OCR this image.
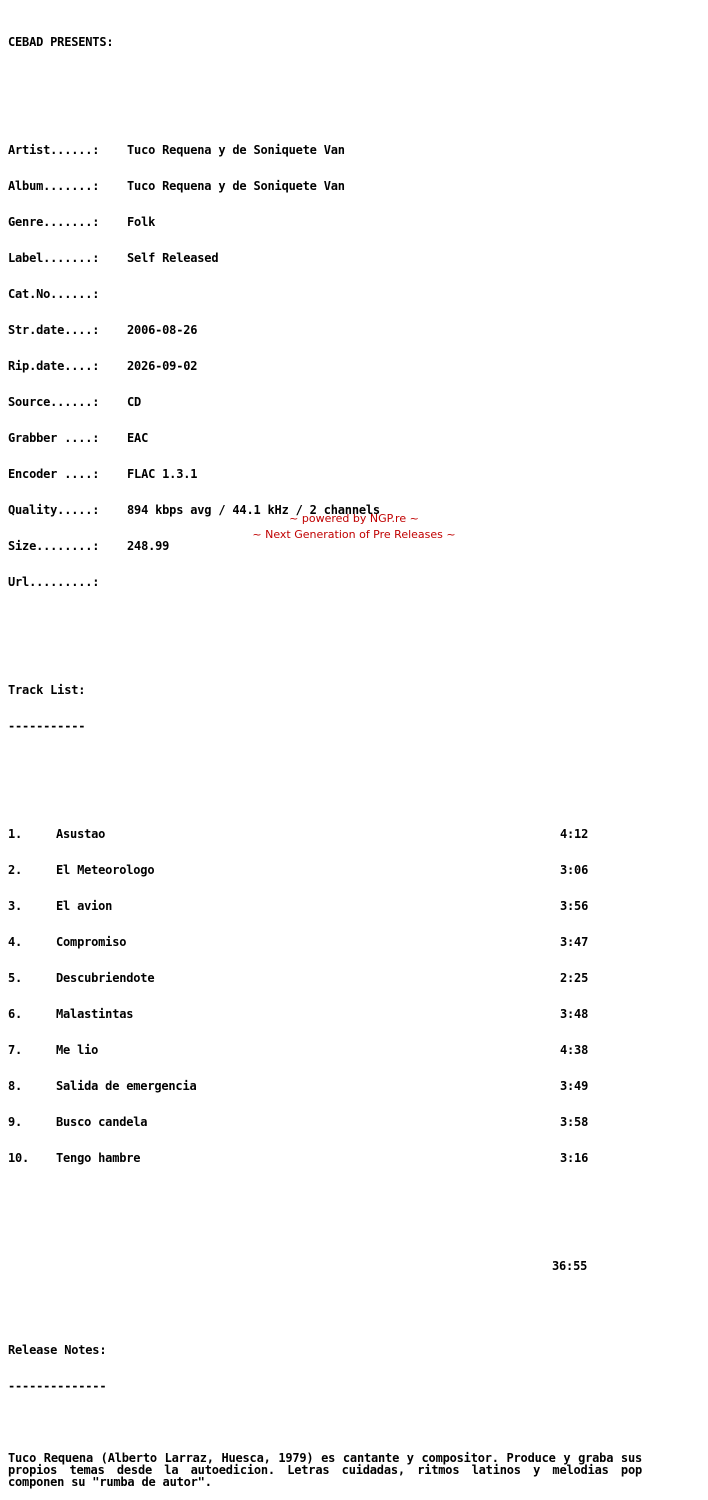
CEBAD PRESENTS:

Artist......: Tuco Requena y de Soniquete Van

Album.......: Tuco Requena y de Soniquete Van

Genre.......: Folk

Label.......: Self Released

Cat.No......:

Str.date....: 2006-08-26

Rip.date....: 2026-09-02

Source......: CD

Grabber ....: EAC

Encoder ....: FLAC 1.3.1

Quality.....: 894 kbps avg / 44.1 kHz / 2 channels

Size........: 248.99

Url.........:

Track List:

-----------

1.	Asustao	4:12

2.	El Meteorologo	3:06

3.	El avion	3:56

4.	Compromiso	3:47

5.	Descubriendote	2:25

6.	Malastintas	3:48

7.	Me lio	4:38

8.	Salida de emergencia	3:49

9.	Busco candela	3:58

10. Tengo hambre	3:16

36:55

Release Notes:

--------------

Tuco Requena (Alberto Larraz, Huesca, 1979) es cantante y compositor. Produce y graba sus propios temas desde la autoedicion. Letras cuidadas, ritmos latinos y melodias pop componen su "rumba de autor".

~ powered by NGP.re ~
~ Next Generation of Pre Releases ~
